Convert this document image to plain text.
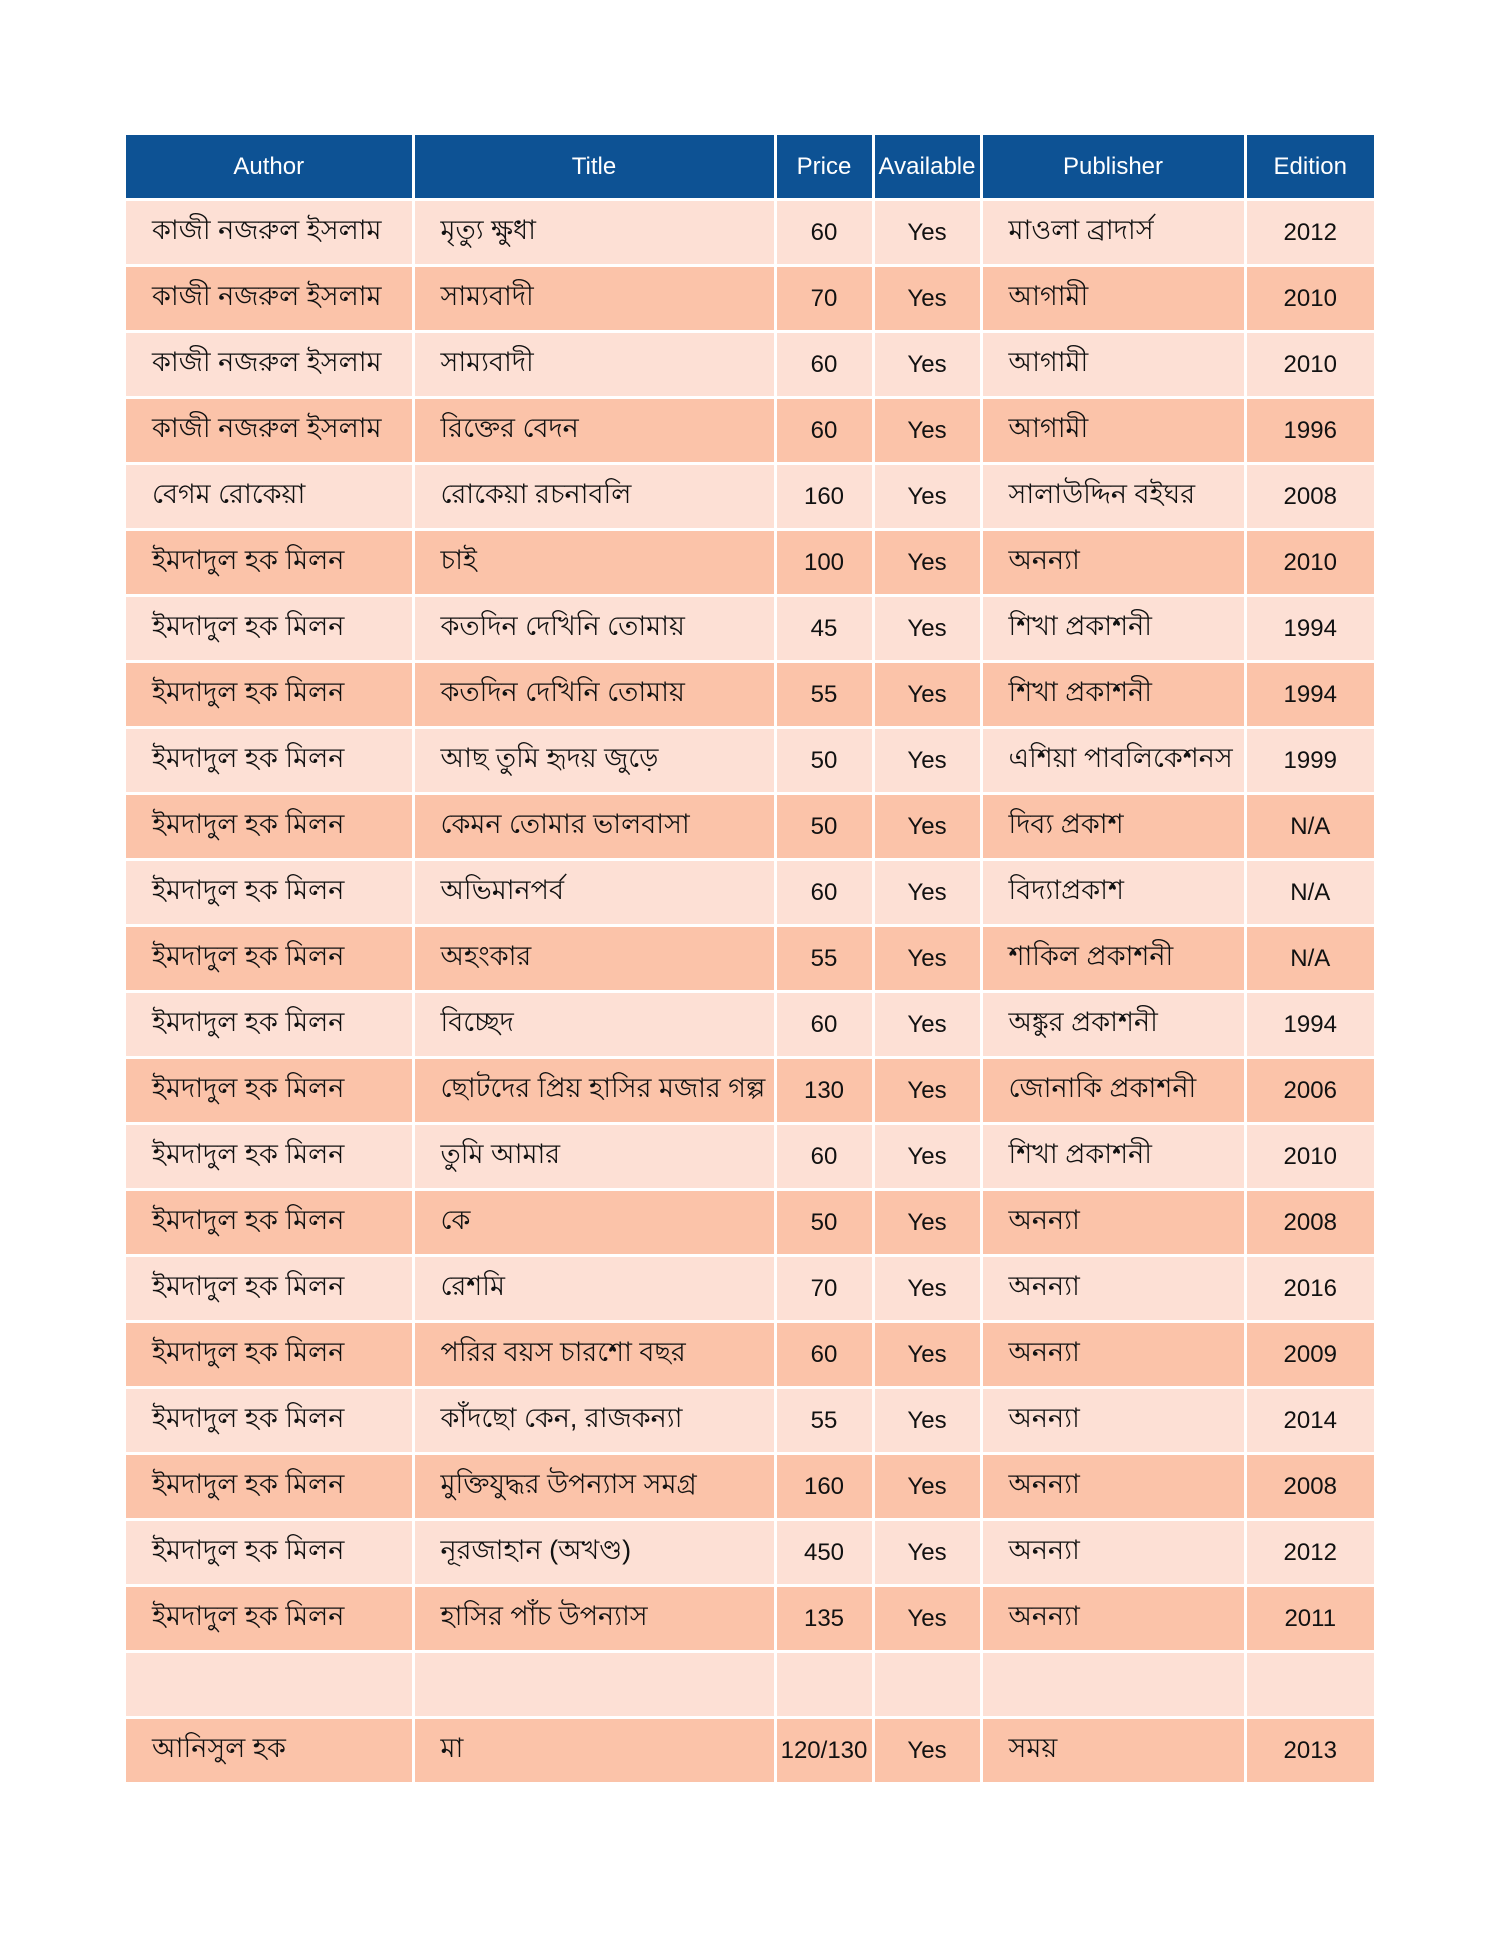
Author	Title	Price	Available	Publisher	Edition
কাজী নজরুল ইসলাম	মৃত্যু ক্ষুধা	60	Yes	মাওলা ব্রাদার্স	2012
কাজী নজরুল ইসলাম	সাম্যবাদী	70	Yes	আগামী	2010
কাজী নজরুল ইসলাম	সাম্যবাদী	60	Yes	আগামী	2010
কাজী নজরুল ইসলাম	রিক্তের বেদন	60	Yes	আগামী	1996
বেগম রোকেয়া	রোকেয়া রচনাবলি	160	Yes	সালাউদ্দিন বইঘর	2008
ইমদাদুল হক মিলন	চাই	100	Yes	অনন্যা	2010
ইমদাদুল হক মিলন	কতদিন দেখিনি তোমায়	45	Yes	শিখা প্রকাশনী	1994
ইমদাদুল হক মিলন	কতদিন দেখিনি তোমায়	55	Yes	শিখা প্রকাশনী	1994
ইমদাদুল হক মিলন	আছ তুমি হৃদয় জুড়ে	50	Yes	এশিয়া পাবলিকেশনস	1999
ইমদাদুল হক মিলন	কেমন তোমার ভালবাসা	50	Yes	দিব্য প্রকাশ	N/A
ইমদাদুল হক মিলন	অভিমানপর্ব	60	Yes	বিদ্যাপ্রকাশ	N/A
ইমদাদুল হক মিলন	অহংকার	55	Yes	শাকিল প্রকাশনী	N/A
ইমদাদুল হক মিলন	বিচ্ছেদ	60	Yes	অঙ্কুর প্রকাশনী	1994
ইমদাদুল হক মিলন	ছোটদের প্রিয় হাসির মজার গল্প	130	Yes	জোনাকি প্রকাশনী	2006
ইমদাদুল হক মিলন	তুমি আমার	60	Yes	শিখা প্রকাশনী	2010
ইমদাদুল হক মিলন	কে	50	Yes	অনন্যা	2008
ইমদাদুল হক মিলন	রেশমি	70	Yes	অনন্যা	2016
ইমদাদুল হক মিলন	পরির বয়স চারশো বছর	60	Yes	অনন্যা	2009
ইমদাদুল হক মিলন	কাঁদছো কেন, রাজকন্যা	55	Yes	অনন্যা	2014
ইমদাদুল হক মিলন	মুক্তিযুদ্ধর উপন্যাস সমগ্র	160	Yes	অনন্যা	2008
ইমদাদুল হক মিলন	নূরজাহান (অখণ্ড)	450	Yes	অনন্যা	2012
ইমদাদুল হক মিলন	হাসির পাঁচ উপন্যাস	135	Yes	অনন্যা	2011

আনিসুল হক	মা	120/130	Yes	সময়	2013
